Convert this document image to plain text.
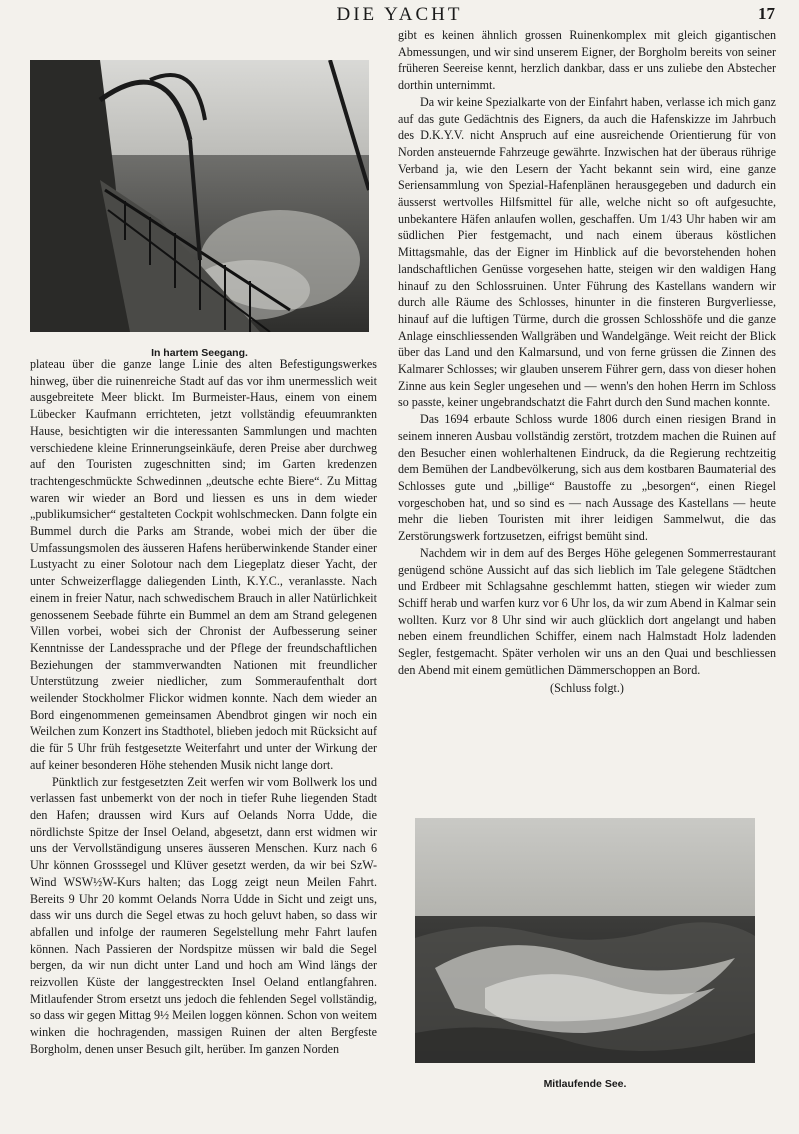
DIE YACHT	17
In hartem Seegang.

plateau über die ganze lange Linie des alten Befestigungswerkes hinweg, über die ruinenreiche Stadt auf das vor ihm unermesslich weit ausgebreitete Meer blickt. Im Burmeister-Haus, einem von einem Lübecker Kaufmann errichteten, jetzt vollständig efeuumrankten Hause, besichtigten wir die interessanten Sammlungen und machten verschiedene kleine Erinnerungseinkäufe, deren Preise aber durchweg auf den Touristen zugeschnitten sind; im Garten kredenzen trachtengeschmückte Schwedinnen „deutsche echte Biere“. Zu Mittag waren wir wieder an Bord und liessen es uns in dem wieder „publikumsicher“ gestalteten Cockpit wohlschmecken. Dann folgte ein Bummel durch die Parks am Strande, wobei mich der über die Umfassungsmolen des äusseren Hafens herüberwinkende Stander einer Lustyacht zu einer Solotour nach dem Liegeplatz dieser Yacht, der unter Schweizerflagge daliegenden Linth, K.Y.C., veranlasste. Nach einem in freier Natur, nach schwedischem Brauch in aller Natürlichkeit genossenem Seebade führte ein Bummel an dem am Strand gelegenen Villen vorbei, wobei sich der Chronist der Aufbesserung seiner Kenntnisse der Landessprache und der Pflege der freundschaftlichen Beziehungen der stammverwandten Nationen mit freundlicher Unterstützung zweier niedlicher, zum Sommeraufenthalt dort weilender Stockholmer Flickor widmen konnte. Nach dem wieder an Bord eingenommenen gemeinsamen Abendbrot gingen wir noch ein Weilchen zum Konzert ins Stadthotel, blieben jedoch mit Rücksicht auf die für 5 Uhr früh festgesetzte Weiterfahrt und unter der Wirkung der auf keiner besonderen Höhe stehenden Musik nicht lange dort.

Pünktlich zur festgesetzten Zeit werfen wir vom Bollwerk los und verlassen fast unbemerkt von der noch in tiefer Ruhe liegenden Stadt den Hafen; draussen wird Kurs auf Oelands Norra Udde, die nördlichste Spitze der Insel Oeland, abgesetzt, dann erst widmen wir uns der Vervollständigung unseres äusseren Menschen. Kurz nach 6 Uhr können Grosssegel und Klüver gesetzt werden, da wir bei SzW-Wind WSW½W-Kurs halten; das Logg zeigt neun Meilen Fahrt. Bereits 9 Uhr 20 kommt Oelands Norra Udde in Sicht und zeigt uns, dass wir uns durch die Segel etwas zu hoch geluvt haben, so dass wir abfallen und infolge der raumeren Segelstellung mehr Fahrt laufen können. Nach Passieren der Nordspitze müssen wir bald die Segel bergen, da wir nun dicht unter Land und hoch am Wind längs der reizvollen Küste der langgestreckten Insel Oeland entlangfahren. Mitlaufender Strom ersetzt uns jedoch die fehlenden Segel vollständig, so dass wir gegen Mittag 9½ Meilen loggen können. Schon von weitem winken die hochragenden, massigen Ruinen der alten Bergfeste Borgholm, denen unser Besuch gilt, herüber. Im ganzen Norden

gibt es keinen ähnlich grossen Ruinenkomplex mit gleich gigantischen Abmessungen, und wir sind unserem Eigner, der Borgholm bereits von seiner früheren Seereise kennt, herzlich dankbar, dass er uns zuliebe den Abstecher dorthin unternimmt.

Da wir keine Spezialkarte von der Einfahrt haben, verlasse ich mich ganz auf das gute Gedächtnis des Eigners, da auch die Hafenskizze im Jahrbuch des D.K.Y.V. nicht Anspruch auf eine ausreichende Orientierung für von Norden ansteuernde Fahrzeuge gewährte. Inzwischen hat der überaus rührige Verband ja, wie den Lesern der Yacht bekannt sein wird, eine ganze Seriensammlung von Spezial-Hafenplänen herausgegeben und dadurch ein äusserst wertvolles Hilfsmittel für alle, welche nicht so oft aufgesuchte, unbekantere Häfen anlaufen wollen, geschaffen. Um 1/43 Uhr haben wir am südlichen Pier festgemacht, und nach einem überaus köstlichen Mittagsmahle, das der Eigner im Hinblick auf die bevorstehenden hohen landschaftlichen Genüsse vorgesehen hatte, steigen wir den waldigen Hang hinauf zu den Schlossruinen. Unter Führung des Kastellans wandern wir durch alle Räume des Schlosses, hinunter in die finsteren Burgverliesse, hinauf auf die luftigen Türme, durch die grossen Schlosshöfe und die ganze Anlage einschliessenden Wallgräben und Wandelgänge. Weit reicht der Blick über das Land und den Kalmarsund, und von ferne grüssen die Zinnen des Kalmarer Schlosses; wir glauben unserem Führer gern, dass von dieser hohen Zinne aus kein Segler ungesehen und — wenn's den hohen Herrn im Schloss so passte, keiner ungebrandschatzt die Fahrt durch den Sund machen konnte.

Das 1694 erbaute Schloss wurde 1806 durch einen riesigen Brand in seinem inneren Ausbau vollständig zerstört, trotzdem machen die Ruinen auf den Besucher einen wohlerhaltenen Eindruck, da die Regierung rechtzeitig dem Bemühen der Landbevölkerung, sich aus dem kostbaren Baumaterial des Schlosses gute und „billige“ Baustoffe zu „besorgen“, einen Riegel vorgeschoben hat, und so sind es — nach Aussage des Kastellans — heute mehr die lieben Touristen mit ihrer leidigen Sammelwut, die das Zerstörungswerk fortzusetzen, eifrigst bemüht sind.

Nachdem wir in dem auf des Berges Höhe gelegenen Sommerrestaurant genügend schöne Aussicht auf das sich lieblich im Tale gelegene Städtchen und Erdbeer mit Schlagsahne geschlemmt hatten, stiegen wir wieder zum Schiff herab und warfen kurz vor 6 Uhr los, da wir zum Abend in Kalmar sein wollten. Kurz vor 8 Uhr sind wir auch glücklich dort angelangt und haben neben einem freundlichen Schiffer, einem nach Halmstadt Holz ladenden Segler, festgemacht. Später verholen wir uns an den Quai und beschliessen den Abend mit einem gemütlichen Dämmerschoppen an Bord.

(Schluss folgt.)

Mitlaufende See.
